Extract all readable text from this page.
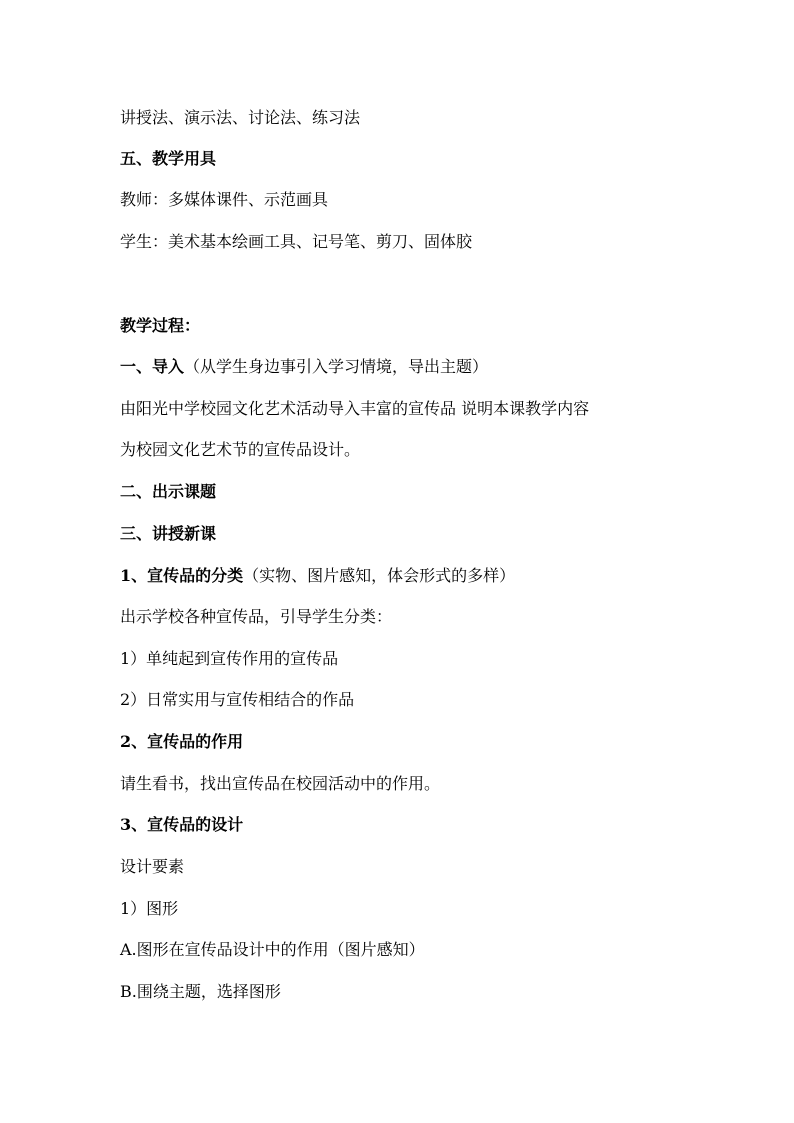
讲授法、演示法、讨论法、练习法
五、教学用具
教师：多媒体课件、示范画具
学生：美术基本绘画工具、记号笔、剪刀、固体胶
教学过程：
一、导入（从学生身边事引入学习情境，导出主题）
由阳光中学校园文化艺术活动导入丰富的宣传品 说明本课教学内容
为校园文化艺术节的宣传品设计。
二、出示课题
三、讲授新课
1、宣传品的分类（实物、图片感知，体会形式的多样）
出示学校各种宣传品，引导学生分类：
1）单纯起到宣传作用的宣传品
2）日常实用与宣传相结合的作品
2、宣传品的作用
请生看书，找出宣传品在校园活动中的作用。
3、宣传品的设计
设计要素
1）图形
A.图形在宣传品设计中的作用（图片感知）
B.围绕主题，选择图形
